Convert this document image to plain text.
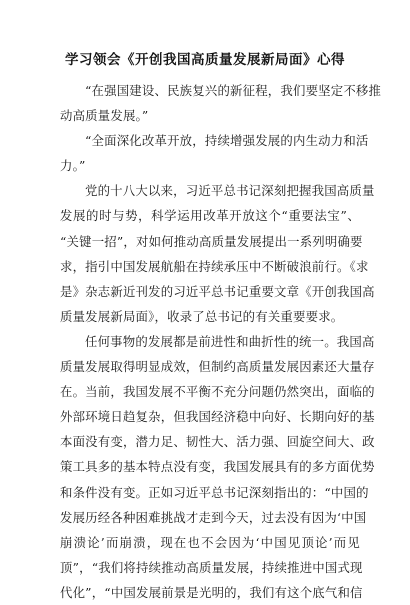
学习领会《开创我国高质量发展新局面》心得
“在强国建设、民族复兴的新征程，我们要坚定不移推
动高质量发展。”
“全面深化改革开放，持续增强发展的内生动力和活
力。”
党的十八大以来，习近平总书记深刻把握我国高质量
发展的时与势，科学运用改革开放这个“重要法宝”、
“关键一招”，对如何推动高质量发展提出一系列明确要
求，指引中国发展航船在持续承压中不断破浪前行。《求
是》杂志新近刊发的习近平总书记重要文章《开创我国高
质量发展新局面》，收录了总书记的有关重要要求。
任何事物的发展都是前进性和曲折性的统一。我国高
质量发展取得明显成效，但制约高质量发展因素还大量存
在。当前，我国发展不平衡不充分问题仍然突出，面临的
外部环境日趋复杂，但我国经济稳中向好、长期向好的基
本面没有变，潜力足、韧性大、活力强、回旋空间大、政
策工具多的基本特点没有变，我国发展具有的多方面优势
和条件没有变。正如习近平总书记深刻指出的：“中国的
发展历经各种困难挑战才走到今天，过去没有因为‘中国
崩溃论’而崩溃，现在也不会因为‘中国见顶论’而见
顶”，“我们将持续推动高质量发展，持续推进中国式现
代化”，“中国发展前景是光明的，我们有这个底气和信
